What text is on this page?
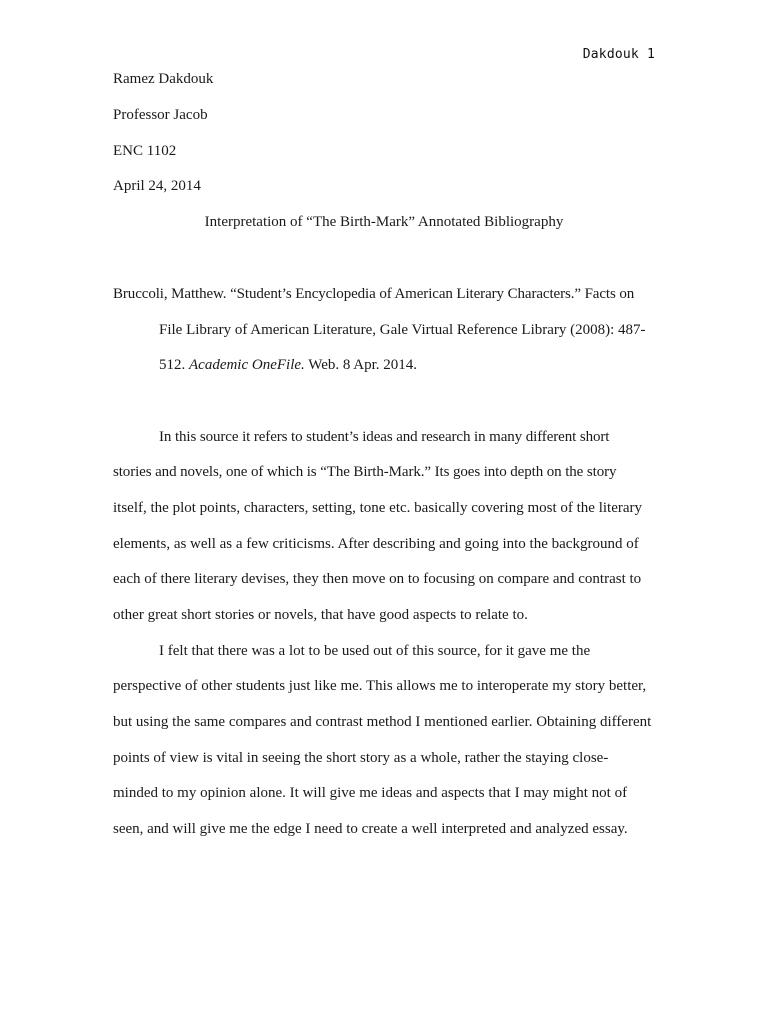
Dakdouk 1
Ramez Dakdouk
Professor Jacob
ENC 1102
April 24, 2014
Interpretation of “The Birth-Mark” Annotated Bibliography
Bruccoli, Matthew. “Student’s Encyclopedia of American Literary Characters.” Facts on
File Library of American Literature, Gale Virtual Reference Library (2008): 487-
512. Academic OneFile. Web. 8 Apr. 2014.
In this source it refers to student’s ideas and research in many different short
stories and novels, one of which is “The Birth-Mark.” Its goes into depth on the story
itself, the plot points, characters, setting, tone etc. basically covering most of the literary
elements, as well as a few criticisms. After describing and going into the background of
each of there literary devises, they then move on to focusing on compare and contrast to
other great short stories or novels, that have good aspects to relate to.
I felt that there was a lot to be used out of this source, for it gave me the
perspective of other students just like me. This allows me to interoperate my story better,
but using the same compares and contrast method I mentioned earlier. Obtaining different
points of view is vital in seeing the short story as a whole, rather the staying close-
minded to my opinion alone. It will give me ideas and aspects that I may might not of
seen, and will give me the edge I need to create a well interpreted and analyzed essay.
